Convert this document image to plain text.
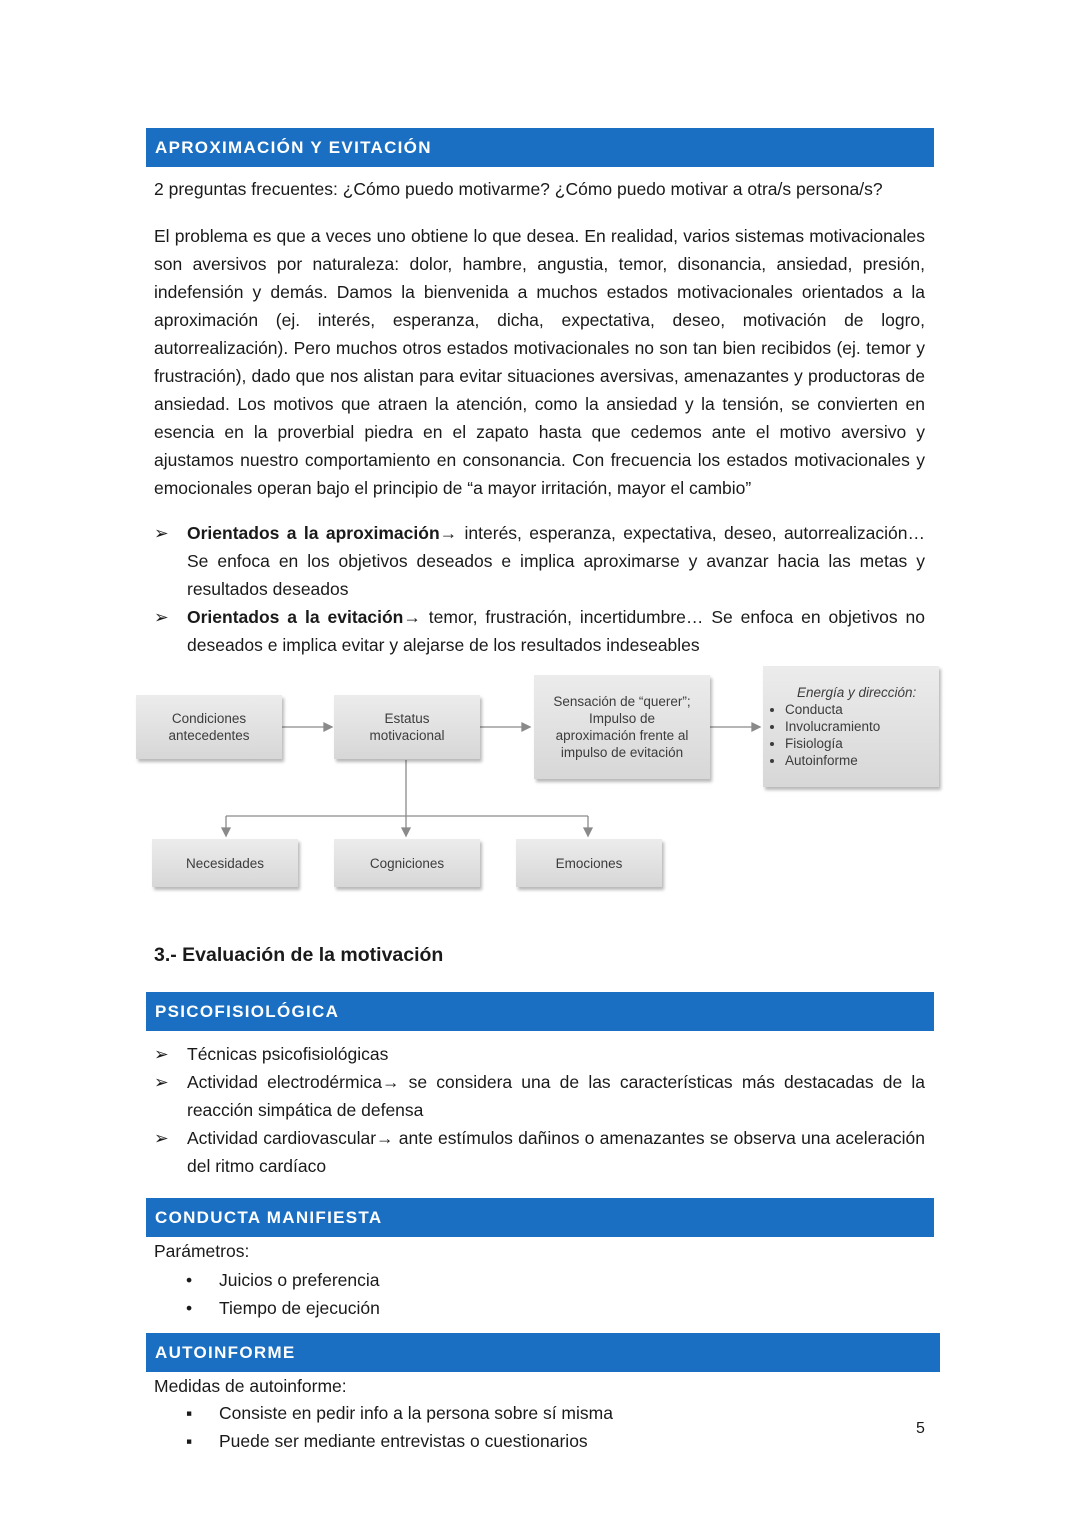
APROXIMACIÓN Y EVITACIÓN
2 preguntas frecuentes: ¿Cómo puedo motivarme? ¿Cómo puedo motivar a otra/s persona/s?
El problema es que a veces uno obtiene lo que desea. En realidad, varios sistemas motivacionales son aversivos por naturaleza: dolor, hambre, angustia, temor, disonancia, ansiedad, presión, indefensión y demás. Damos la bienvenida a muchos estados motivacionales orientados a la aproximación (ej. interés, esperanza, dicha, expectativa, deseo, motivación de logro, autorrealización). Pero muchos otros estados motivacionales no son tan bien recibidos (ej. temor y frustración), dado que nos alistan para evitar situaciones aversivas, amenazantes y productoras de ansiedad. Los motivos que atraen la atención, como la ansiedad y la tensión, se convierten en esencia en la proverbial piedra en el zapato hasta que cedemos ante el motivo aversivo y ajustamos nuestro comportamiento en consonancia. Con frecuencia los estados motivacionales y emocionales operan bajo el principio de “a mayor irritación, mayor el cambio”
➢	Orientados a la aproximación→ interés, esperanza, expectativa, deseo, autorrealización… Se enfoca en los objetivos deseados e implica aproximarse y avanzar hacia las metas y resultados deseados
➢	Orientados a la evitación→ temor, frustración, incertidumbre… Se enfoca en objetivos no deseados e implica evitar y alejarse de los resultados indeseables
Condiciones antecedentes
Estatus motivacional
Sensación de “querer”; Impulso de aproximación frente al impulso de evitación
Energía y dirección:
• Conducta
• Involucramiento
• Fisiología
• Autoinforme
Necesidades	Cogniciones	Emociones
3.- Evaluación de la motivación
PSICOFISIOLÓGICA
➢	Técnicas psicofisiológicas
➢	Actividad electrodérmica→ se considera una de las características más destacadas de la reacción simpática de defensa
➢	Actividad cardiovascular→ ante estímulos dañinos o amenazantes se observa una aceleración del ritmo cardíaco
CONDUCTA MANIFIESTA
Parámetros:
•	Juicios o preferencia
•	Tiempo de ejecución
AUTOINFORME
Medidas de autoinforme:
▪	Consiste en pedir info a la persona sobre sí misma
▪	Puede ser mediante entrevistas o cuestionarios
5
